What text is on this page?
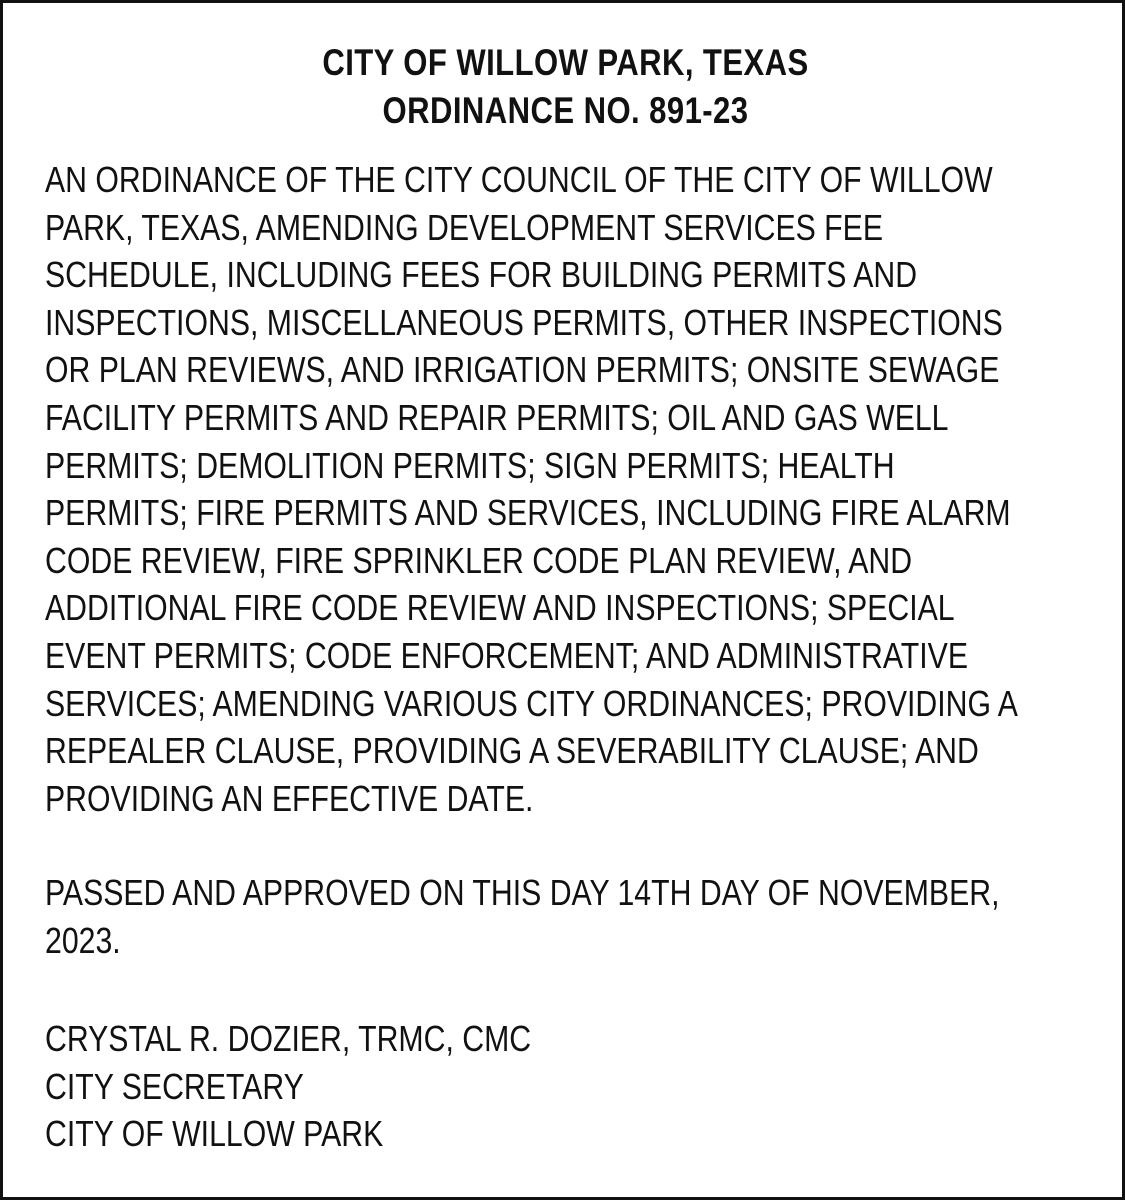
CITY OF WILLOW PARK, TEXAS
ORDINANCE NO. 891-23
AN ORDINANCE OF THE CITY COUNCIL OF THE CITY OF WILLOW
PARK, TEXAS, AMENDING DEVELOPMENT SERVICES FEE
SCHEDULE, INCLUDING FEES FOR BUILDING PERMITS AND
INSPECTIONS, MISCELLANEOUS PERMITS, OTHER INSPECTIONS
OR PLAN REVIEWS, AND IRRIGATION PERMITS; ONSITE SEWAGE
FACILITY PERMITS AND REPAIR PERMITS; OIL AND GAS WELL
PERMITS; DEMOLITION PERMITS; SIGN PERMITS; HEALTH
PERMITS; FIRE PERMITS AND SERVICES, INCLUDING FIRE ALARM
CODE REVIEW, FIRE SPRINKLER CODE PLAN REVIEW, AND
ADDITIONAL FIRE CODE REVIEW AND INSPECTIONS; SPECIAL
EVENT PERMITS; CODE ENFORCEMENT; AND ADMINISTRATIVE
SERVICES; AMENDING VARIOUS CITY ORDINANCES; PROVIDING A
REPEALER CLAUSE, PROVIDING A SEVERABILITY CLAUSE; AND
PROVIDING AN EFFECTIVE DATE.
PASSED AND APPROVED ON THIS DAY 14TH DAY OF NOVEMBER,
2023.
CRYSTAL R. DOZIER, TRMC, CMC
CITY SECRETARY
CITY OF WILLOW PARK
